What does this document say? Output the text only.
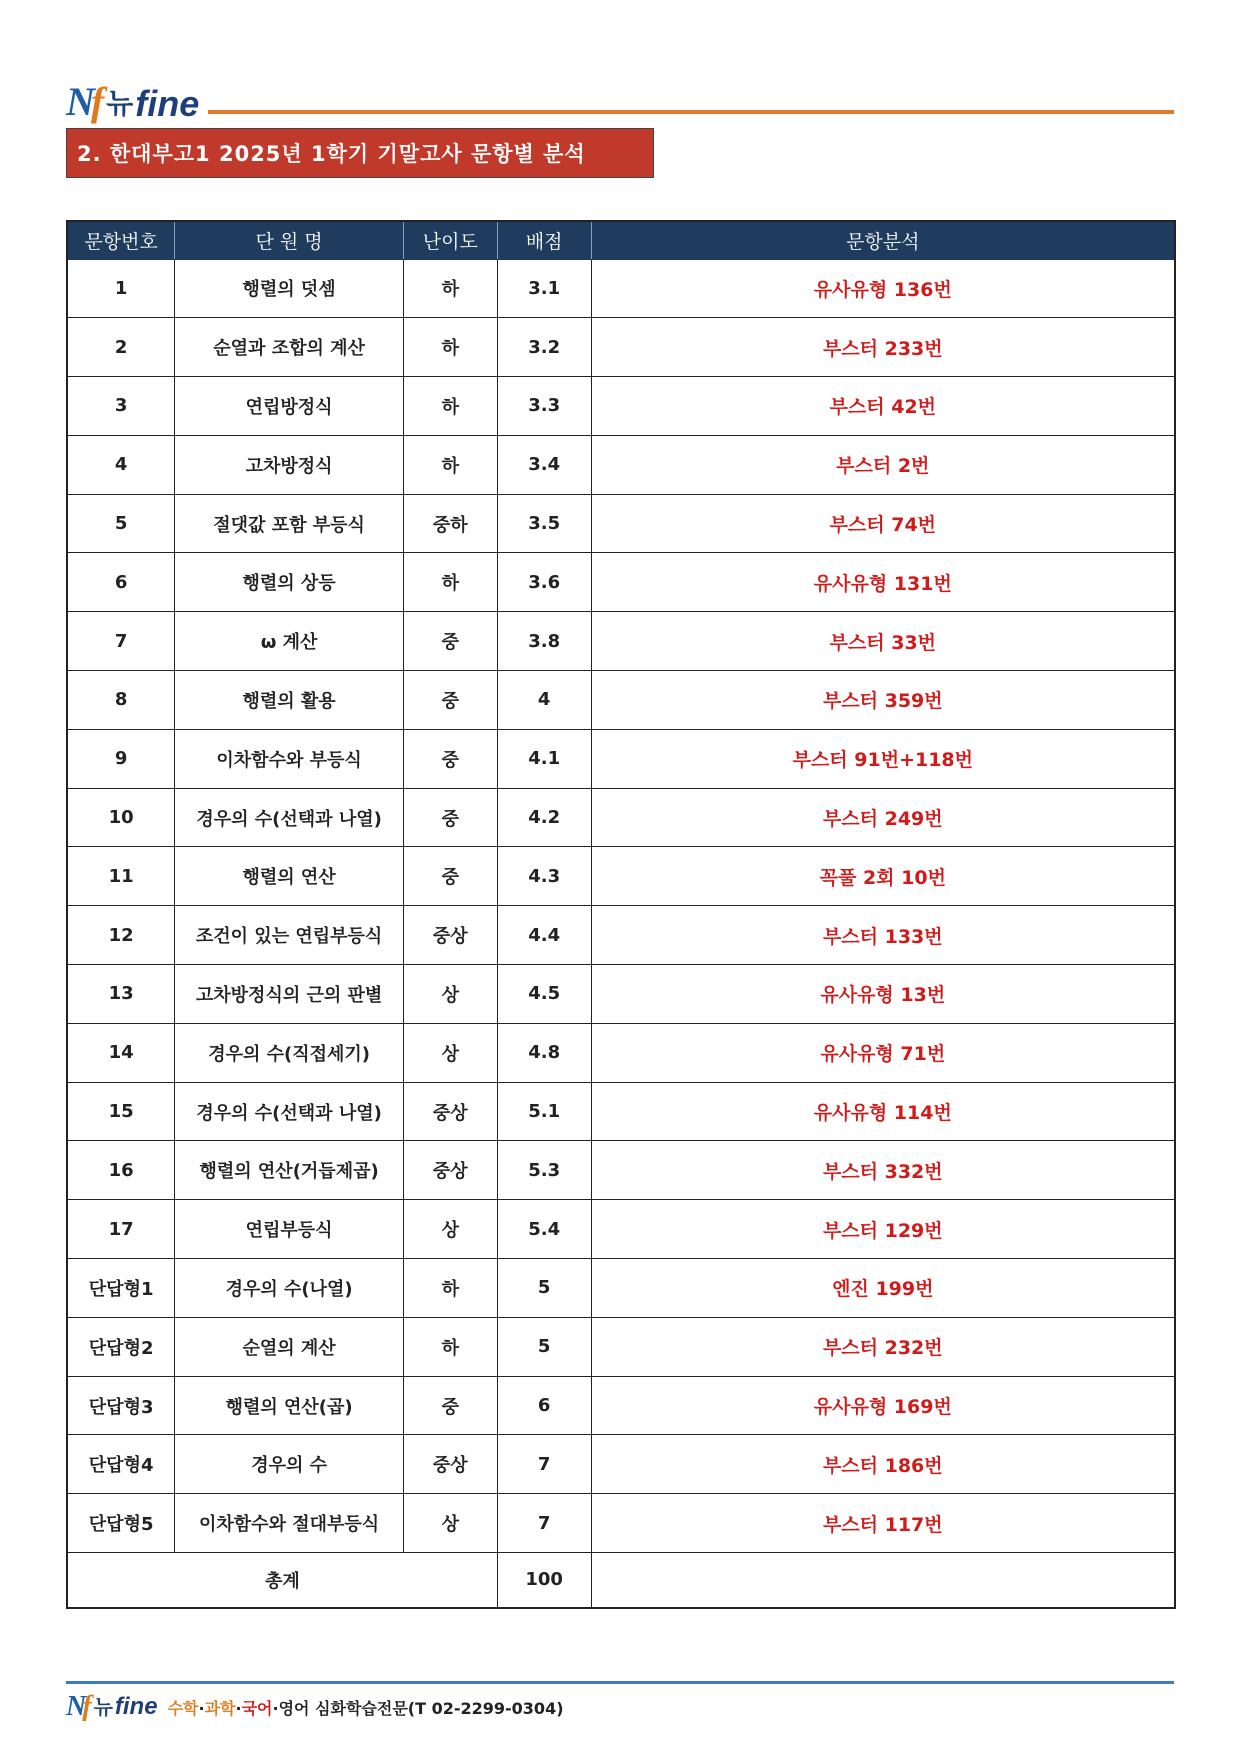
Nf 뉴 fine
2. 한대부고1 2025년 1학기 기말고사 문항별 분석
문항번호	단 원 명	난이도	배점	문항분석
1	행렬의 덧셈	하	3.1	유사유형 136번
2	순열과 조합의 계산	하	3.2	부스터 233번
3	연립방정식	하	3.3	부스터 42번
4	고차방정식	하	3.4	부스터 2번
5	절댓값 포함 부등식	중하	3.5	부스터 74번
6	행렬의 상등	하	3.6	유사유형 131번
7	ω 계산	중	3.8	부스터 33번
8	행렬의 활용	중	4	부스터 359번
9	이차함수와 부등식	중	4.1	부스터 91번+118번
10	경우의 수(선택과 나열)	중	4.2	부스터 249번
11	행렬의 연산	중	4.3	꼭풀 2회 10번
12	조건이 있는 연립부등식	중상	4.4	부스터 133번
13	고차방정식의 근의 판별	상	4.5	유사유형 13번
14	경우의 수(직접세기)	상	4.8	유사유형 71번
15	경우의 수(선택과 나열)	중상	5.1	유사유형 114번
16	행렬의 연산(거듭제곱)	중상	5.3	부스터 332번
17	연립부등식	상	5.4	부스터 129번
단답형1	경우의 수(나열)	하	5	엔진 199번
단답형2	순열의 계산	하	5	부스터 232번
단답형3	행렬의 연산(곱)	중	6	유사유형 169번
단답형4	경우의 수	중상	7	부스터 186번
단답형5	이차함수와 절대부등식	상	7	부스터 117번
총계			100	
Nf 뉴 fine 수학·과학·국어·영어 심화학습전문(T 02-2299-0304)
